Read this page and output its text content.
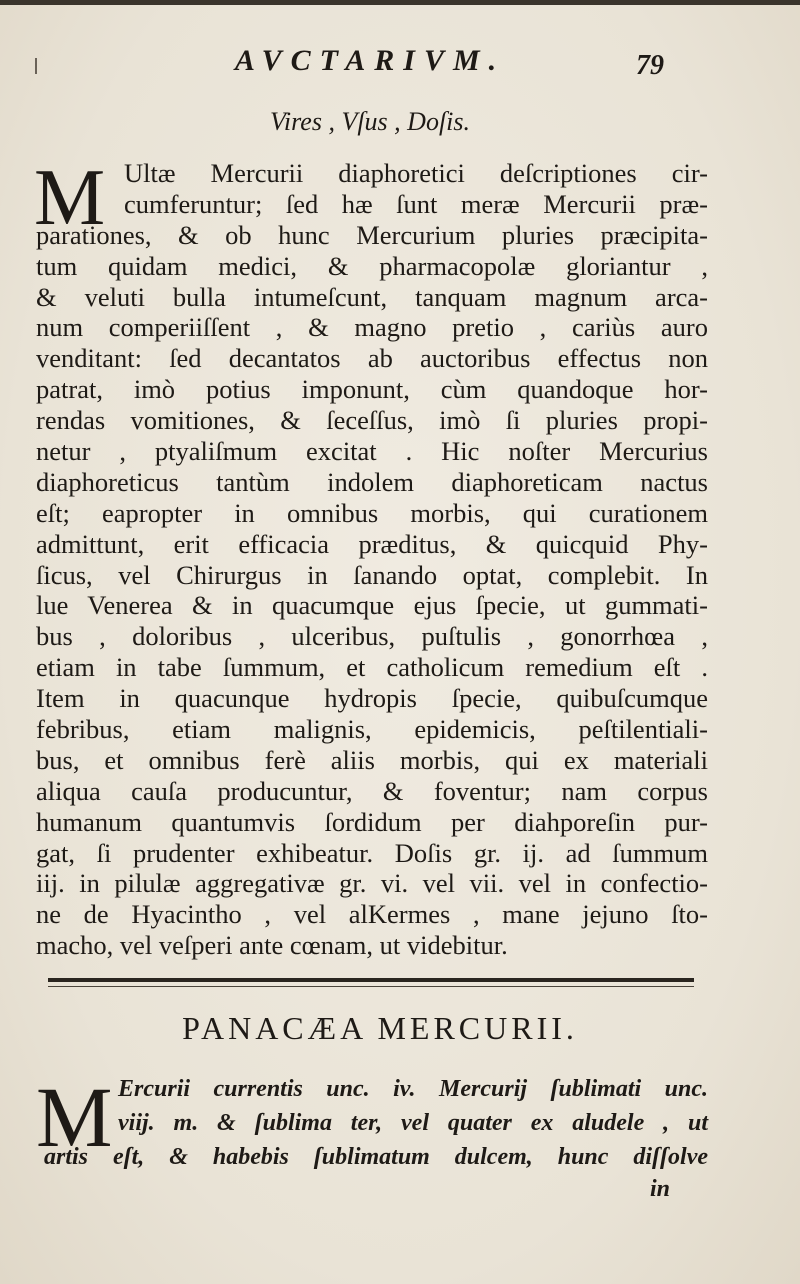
AVCTARIVM.	79
Vires , Vſus , Doſis.
M Ultæ Mercurii diaphoretici deſcriptiones cir-
cumferuntur; ſed hæ ſunt meræ Mercurii præ-
parationes, & ob hunc Mercurium pluries præcipita-
tum quidam medici, & pharmacopolæ gloriantur ,
& veluti bulla intumeſcunt, tanquam magnum arca-
num comperiiſſent , & magno pretio , cariùs auro
venditant: ſed decantatos ab auctoribus effectus non
patrat, imò potius imponunt, cùm quandoque hor-
rendas vomitiones, & ſeceſſus, imò ſi pluries propi-
netur , ptyaliſmum excitat . Hic noſter Mercurius
diaphoreticus tantùm indolem diaphoreticam nactus
eſt; eapropter in omnibus morbis, qui curationem
admittunt, erit efficacia præditus, & quicquid Phy-
ſicus, vel Chirurgus in ſanando optat, complebit. In
lue Venerea & in quacumque ejus ſpecie, ut gummati-
bus , doloribus , ulceribus, puſtulis , gonorrhœa ,
etiam in tabe ſummum, et catholicum remedium eſt .
Item in quacunque hydropis ſpecie, quibuſcumque
febribus, etiam malignis, epidemicis, peſtilentiali-
bus, et omnibus ferè aliis morbis, qui ex materiali
aliqua cauſa producuntur, & foventur; nam corpus
humanum quantumvis ſordidum per diahporeſin pur-
gat, ſi prudenter exhibeatur. Doſis gr. ij. ad ſummum
iij. in pilulæ aggregativæ gr. vi. vel vii. vel in confectio-
ne de Hyacintho , vel alKermes , mane jejuno ſto-
macho, vel veſperi ante cœnam, ut videbitur.
PANACÆA MERCURII.
M Ercurii currentis unc. iv. Mercurij ſublimati unc.
viij. m. & ſublima ter, vel quater ex aludele , ut
artis eſt, & habebis ſublimatum dulcem, hunc diſſolve
in
